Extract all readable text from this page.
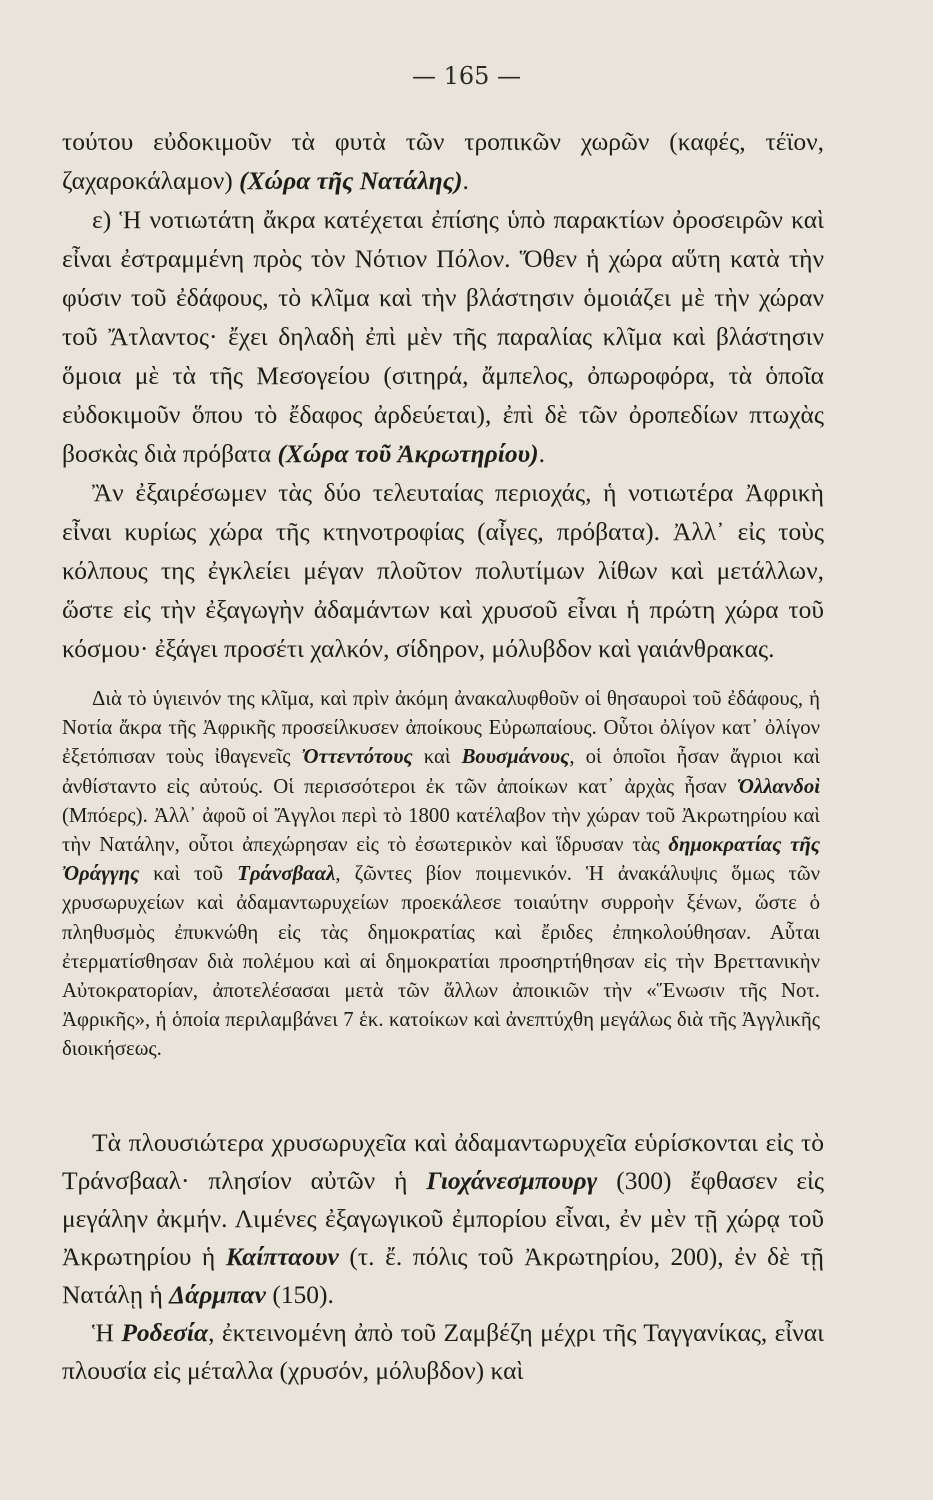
— 165 —

τούτου εὐδοκιμοῦν τὰ φυτὰ τῶν τροπικῶν χωρῶν (καφές, τέϊον, ζαχαροκάλαμον) (Χώρα τῆς Νατάλης).

ε) Ἡ νοτιωτάτη ἄκρα κατέχεται ἐπίσης ὑπὸ παρακτίων ὀροσειρῶν καὶ εἶναι ἐστραμμένη πρὸς τὸν Νότιον Πόλον. Ὅθεν ἡ χώρα αὕτη κατὰ τὴν φύσιν τοῦ ἐδάφους, τὸ κλῖμα καὶ τὴν βλάστησιν ὁμοιάζει μὲ τὴν χώραν τοῦ Ἄτλαντος· ἔχει δηλαδὴ ἐπὶ μὲν τῆς παραλίας κλῖμα καὶ βλάστησιν ὅμοια μὲ τὰ τῆς Μεσογείου (σιτηρά, ἄμπελος, ὀπωροφόρα, τὰ ὁποῖα εὐδοκιμοῦν ὅπου τὸ ἔδαφος ἀρδεύεται), ἐπὶ δὲ τῶν ὀροπεδίων πτωχὰς βοσκὰς διὰ πρόβατα (Χώρα τοῦ Ἀκρωτηρίου).

Ἂν ἐξαιρέσωμεν τὰς δύο τελευταίας περιοχάς, ἡ νοτιωτέρα Ἀφρικὴ εἶναι κυρίως χώρα τῆς κτηνοτροφίας (αἶγες, πρόβατα). Ἀλλ᾽ εἰς τοὺς κόλπους της ἐγκλείει μέγαν πλοῦτον πολυτίμων λίθων καὶ μετάλλων, ὥστε εἰς τὴν ἐξαγωγὴν ἀδαμάντων καὶ χρυσοῦ εἶναι ἡ πρώτη χώρα τοῦ κόσμου· ἐξάγει προσέτι χαλκόν, σίδηρον, μόλυβδον καὶ γαιάνθρακας.

Διὰ τὸ ὑγιεινόν της κλῖμα, καὶ πρὶν ἀκόμη ἀνακαλυφθοῦν οἱ θησαυροὶ τοῦ ἐδάφους, ἡ Νοτία ἄκρα τῆς Ἀφρικῆς προσείλκυσεν ἀποίκους Εὐρωπαίους. Οὗτοι ὀλίγον κατ᾽ ὀλίγον ἐξετόπισαν τοὺς ἰθαγενεῖς Ὀττεντότους καὶ Βουσμάνους, οἱ ὁποῖοι ἦσαν ἄγριοι καὶ ἀνθίσταντο εἰς αὐτούς. Οἱ περισσότεροι ἐκ τῶν ἀποίκων κατ᾽ ἀρχὰς ἦσαν Ὁλλανδοὶ (Μπόερς). Ἀλλ᾽ ἀφοῦ οἱ Ἄγγλοι περὶ τὸ 1800 κατέλαβον τὴν χώραν τοῦ Ἀκρωτηρίου καὶ τὴν Νατάλην, οὗτοι ἀπεχώρησαν εἰς τὸ ἐσωτερικὸν καὶ ἵδρυσαν τὰς δημοκρατίας τῆς Ὀράγγης καὶ τοῦ Τράνσβααλ, ζῶντες βίον ποιμενικόν. Ἡ ἀνακάλυψις ὅμως τῶν χρυσωρυχείων καὶ ἀδαμαντωρυχείων προεκάλεσε τοιαύτην συρροὴν ξένων, ὥστε ὁ πληθυσμὸς ἐπυκνώθη εἰς τὰς δημοκρατίας καὶ ἔριδες ἐπηκολούθησαν. Αὗται ἐτερματίσθησαν διὰ πολέμου καὶ αἱ δημοκρατίαι προσηρτήθησαν εἰς τὴν Βρεττανικὴν Αὐτοκρατορίαν, ἀποτελέσασαι μετὰ τῶν ἄλλων ἀποικιῶν τὴν «Ἕνωσιν τῆς Νοτ. Ἀφρικῆς», ἡ ὁποία περιλαμβάνει 7 ἑκ. κατοίκων καὶ ἀνεπτύχθη μεγάλως διὰ τῆς Ἀγγλικῆς διοικήσεως.

Τὰ πλουσιώτερα χρυσωρυχεῖα καὶ ἀδαμαντωρυχεῖα εὑρίσκονται εἰς τὸ Τράνσβααλ· πλησίον αὐτῶν ἡ Γιοχάνεσμπουργ (300) ἔφθασεν εἰς μεγάλην ἀκμήν. Λιμένες ἐξαγωγικοῦ ἐμπορίου εἶναι, ἐν μὲν τῇ χώρᾳ τοῦ Ἀκρωτηρίου ἡ Καίπταουν (τ. ἔ. πόλις τοῦ Ἀκρωτηρίου, 200), ἐν δὲ τῇ Νατάλῃ ἡ Δάρμπαν (150).

Ἡ Ροδεσία, ἐκτεινομένη ἀπὸ τοῦ Ζαμβέζη μέχρι τῆς Ταγγανίκας, εἶναι πλουσία εἰς μέταλλα (χρυσόν, μόλυβδον) καὶ
